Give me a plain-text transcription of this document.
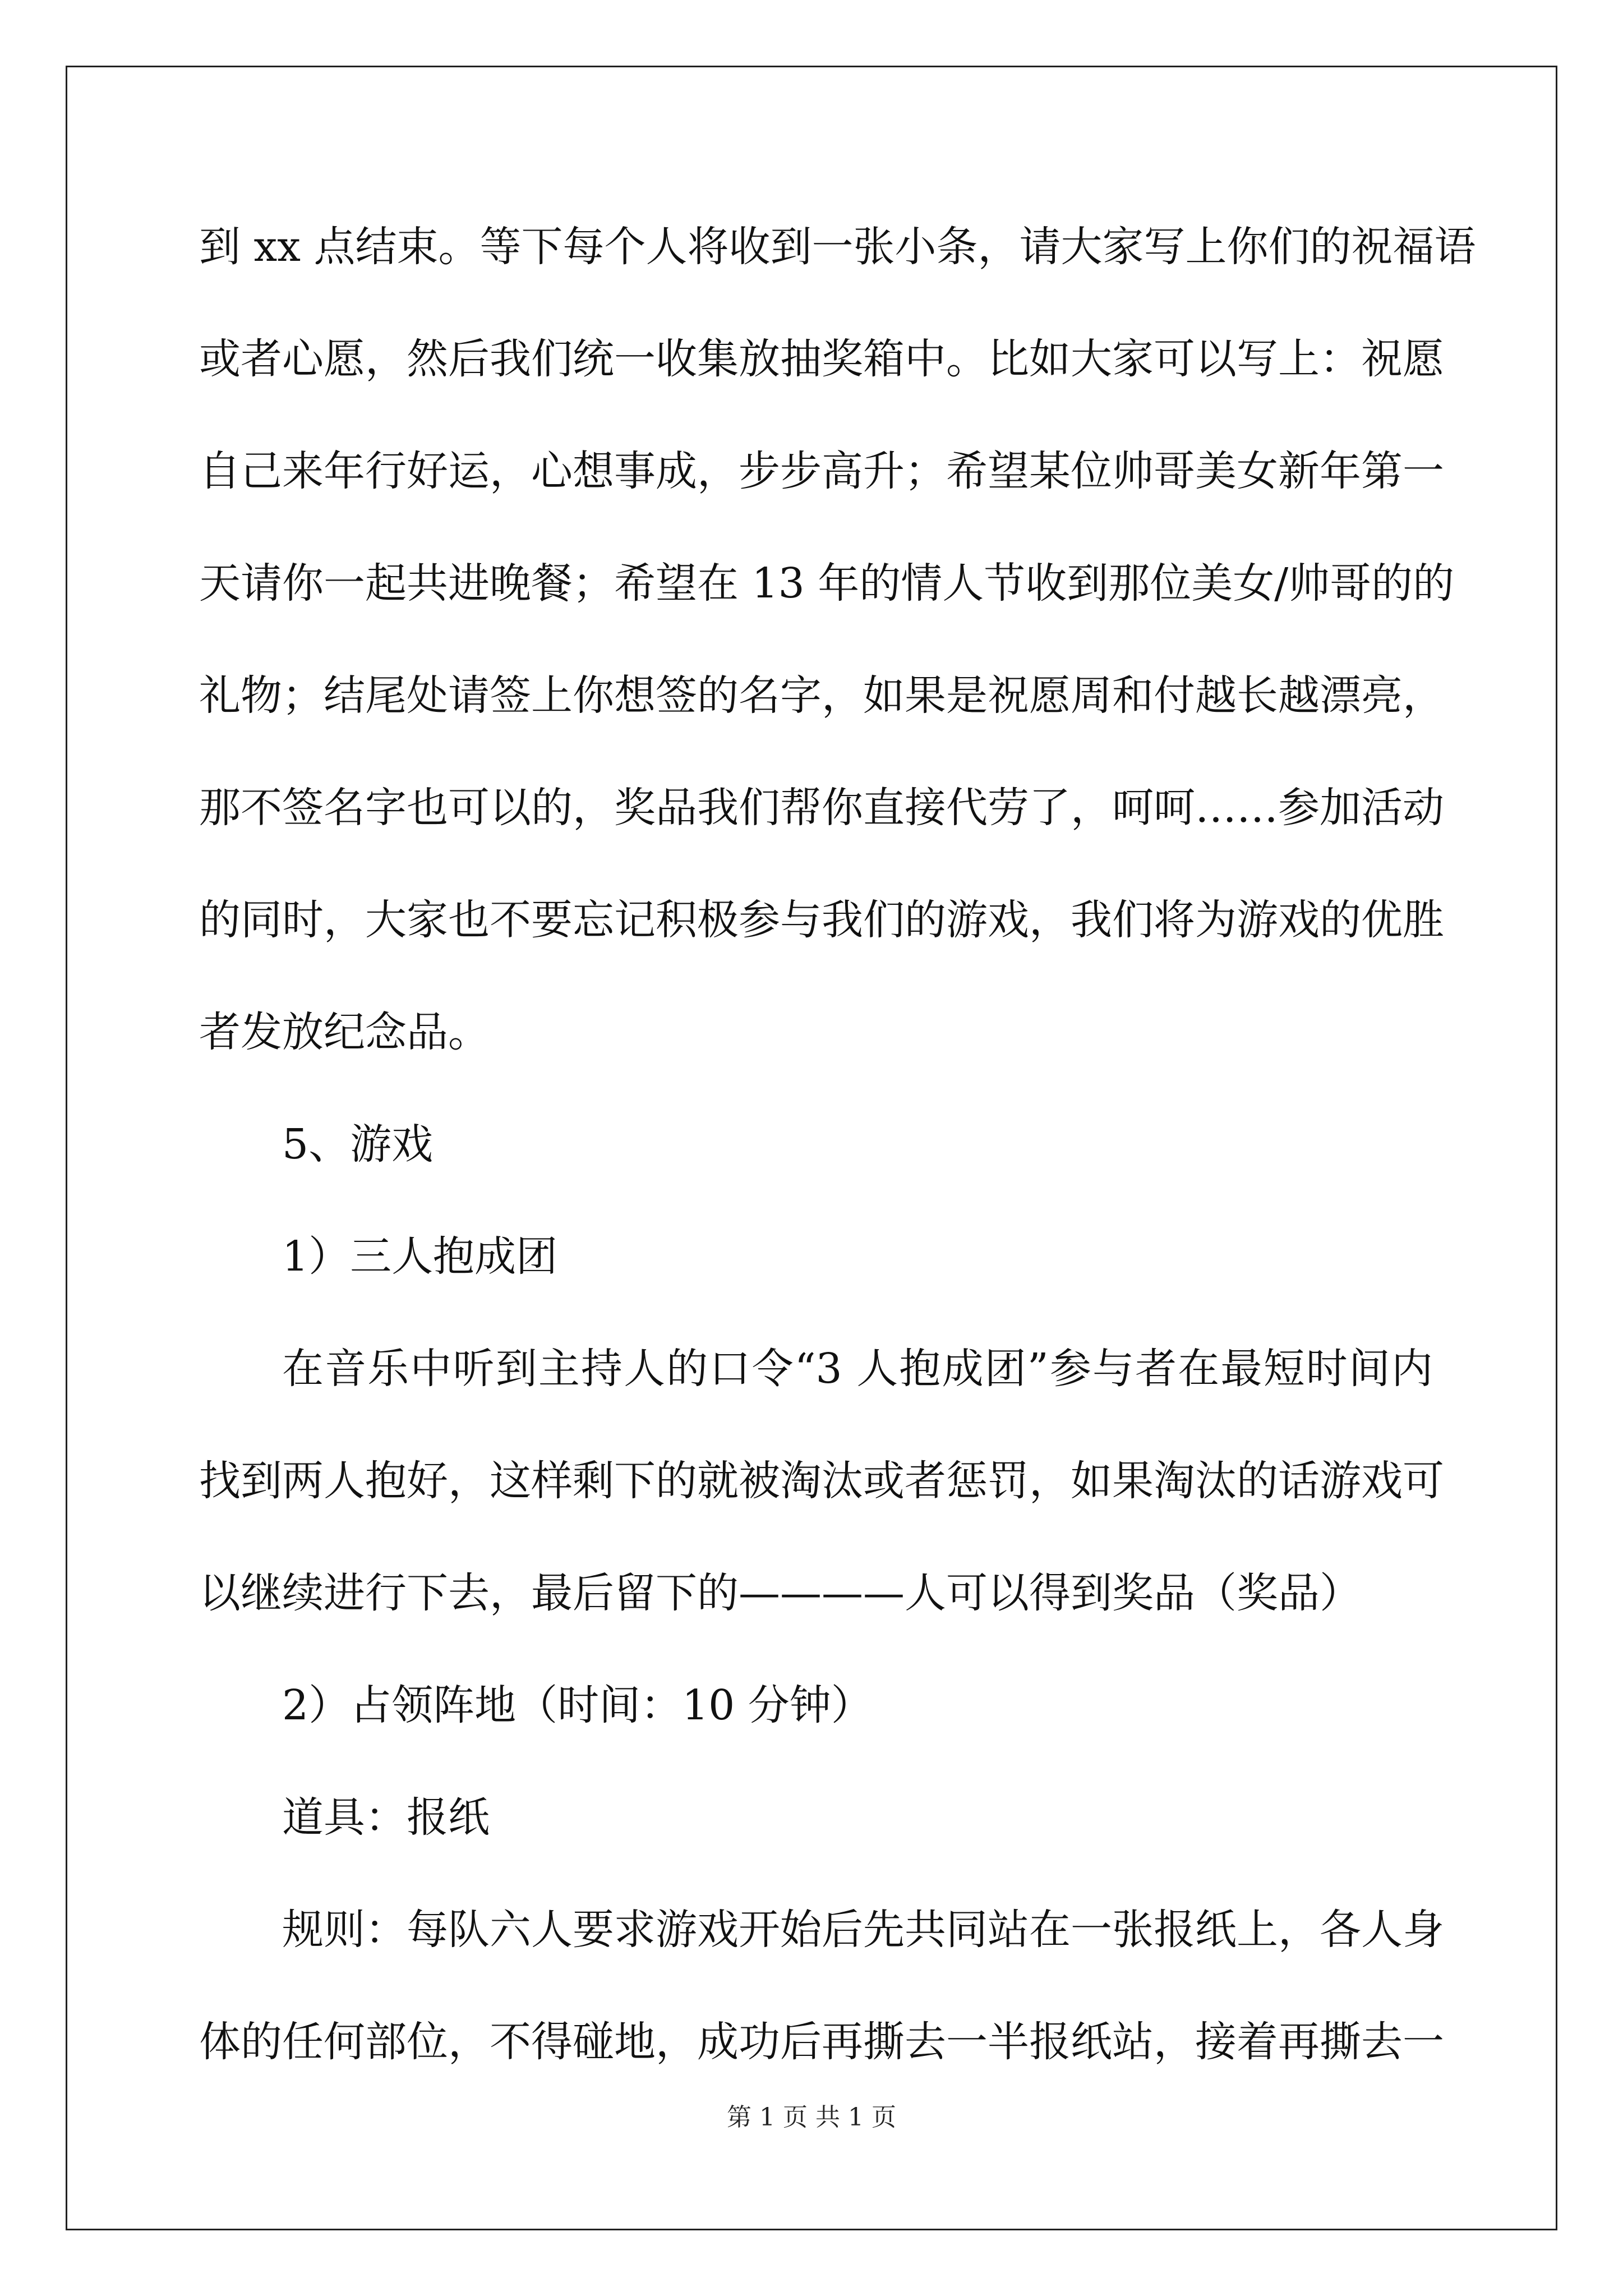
到 xx 点结束。等下每个人将收到一张小条，请大家写上你们的祝福语
或者心愿，然后我们统一收集放抽奖箱中。比如大家可以写上：祝愿
自己来年行好运，心想事成，步步高升；希望某位帅哥美女新年第一
天请你一起共进晚餐；希望在 13 年的情人节收到那位美女/帅哥的的
礼物；结尾处请签上你想签的名字，如果是祝愿周和付越长越漂亮，
那不签名字也可以的，奖品我们帮你直接代劳了，呵呵……参加活动
的同时，大家也不要忘记积极参与我们的游戏，我们将为游戏的优胜
者发放纪念品。
5、游戏
1）三人抱成团
在音乐中听到主持人的口令“3 人抱成团”参与者在最短时间内
找到两人抱好，这样剩下的就被淘汰或者惩罚，如果淘汰的话游戏可
以继续进行下去，最后留下的————人可以得到奖品（奖品）
2）占领阵地（时间：10 分钟）
道具：报纸
规则：每队六人要求游戏开始后先共同站在一张报纸上，各人身
体的任何部位，不得碰地，成功后再撕去一半报纸站，接着再撕去一
第 1 页 共 1 页
